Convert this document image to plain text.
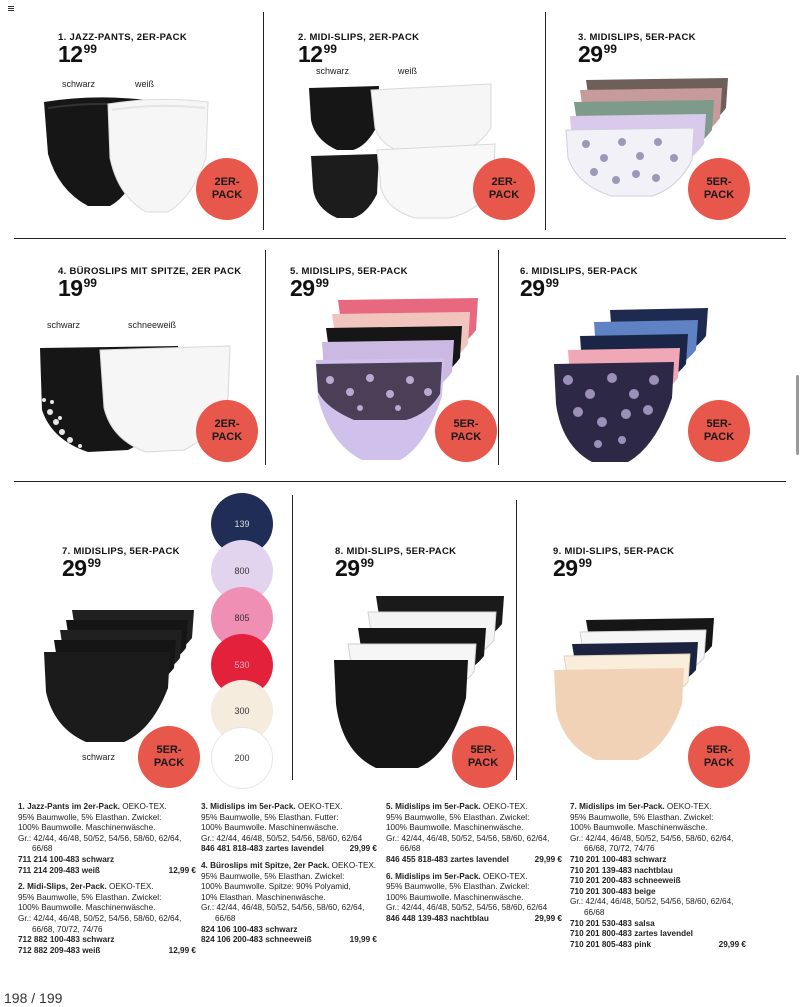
1. JAZZ-PANTS, 2ER-PACK
$12^{99}$
schwarz	weiß
2ER-
PACK
2. MIDI-SLIPS, 2ER-PACK
$12^{99}$
schwarz	weiß
2ER-
PACK
3. MIDISLIPS, 5ER-PACK
$29^{99}$
5ER-
PACK
4. BÜROSLIPS MIT SPITZE, 2ER PACK
$19^{99}$
schwarz	schneeweiß
2ER-
PACK
5. MIDISLIPS, 5ER-PACK
$29^{99}$
5ER-
PACK
6. MIDISLIPS, 5ER-PACK
$29^{99}$
5ER-
PACK
7. MIDISLIPS, 5ER-PACK
$29^{99}$
schwarz
5ER-
PACK
139
800
805
530
300
200
8. MIDI-SLIPS, 5ER-PACK
$29^{99}$
5ER-
PACK
9. MIDI-SLIPS, 5ER-PACK
$29^{99}$
5ER-
PACK
1. Jazz-Pants im 2er-Pack. OEKO-TEX.
95% Baumwolle, 5% Elasthan. Zwickel:
100% Baumwolle. Maschinenwäsche.
Gr.: 42/44, 46/48, 50/52, 54/56, 58/60, 62/64,
66/68
711 214 100-483 schwarz
711 214 209-483 weiß	12,99 €
2. Midi-Slips, 2er-Pack. OEKO-TEX.
95% Baumwolle, 5% Elasthan. Zwickel:
100% Baumwolle. Maschinenwäsche.
Gr.: 42/44, 46/48, 50/52, 54/56, 58/60, 62/64,
66/68, 70/72, 74/76
712 882 100-483 schwarz
712 882 209-483 weiß	12,99 €
3. Midislips im 5er-Pack. OEKO-TEX.
95% Baumwolle, 5% Elasthan. Futter:
100% Baumwolle. Maschinenwäsche.
Gr.: 42/44, 46/48, 50/52, 54/56, 58/60, 62/64
846 481 818-483 zartes lavendel	29,99 €
4. Büroslips mit Spitze, 2er Pack. OEKO-TEX.
95% Baumwolle, 5% Elasthan. Zwickel:
100% Baumwolle. Spitze: 90% Polyamid,
10% Elasthan. Maschinenwäsche.
Gr.: 42/44, 46/48, 50/52, 54/56, 58/60, 62/64,
66/68
824 106 100-483 schwarz
824 106 200-483 schneeweiß	19,99 €
5. Midislips im 5er-Pack. OEKO-TEX.
95% Baumwolle, 5% Elasthan. Zwickel:
100% Baumwolle. Maschinenwäsche.
Gr.: 42/44, 46/48, 50/52, 54/56, 58/60, 62/64,
66/68
846 455 818-483 zartes lavendel	29,99 €
6. Midislips im 5er-Pack. OEKO-TEX.
95% Baumwolle, 5% Elasthan. Zwickel:
100% Baumwolle. Maschinenwäsche.
Gr.: 42/44, 46/48, 50/52, 54/56, 58/60, 62/64
846 448 139-483 nachtblau	29,99 €
7. Midislips im 5er-Pack. OEKO-TEX.
95% Baumwolle, 5% Elasthan. Zwickel:
100% Baumwolle. Maschinenwäsche.
Gr.: 42/44, 46/48, 50/52, 54/56, 58/60, 62/64,
66/68, 70/72, 74/76
710 201 100-483 schwarz
710 201 139-483 nachtblau
710 201 200-483 schneeweiß
710 201 300-483 beige
Gr.: 42/44, 46/48, 50/52, 54/56, 58/60, 62/64,
66/68
710 201 530-483 salsa
710 201 800-483 zartes lavendel
710 201 805-483 pink	29,99 €
198 / 199
